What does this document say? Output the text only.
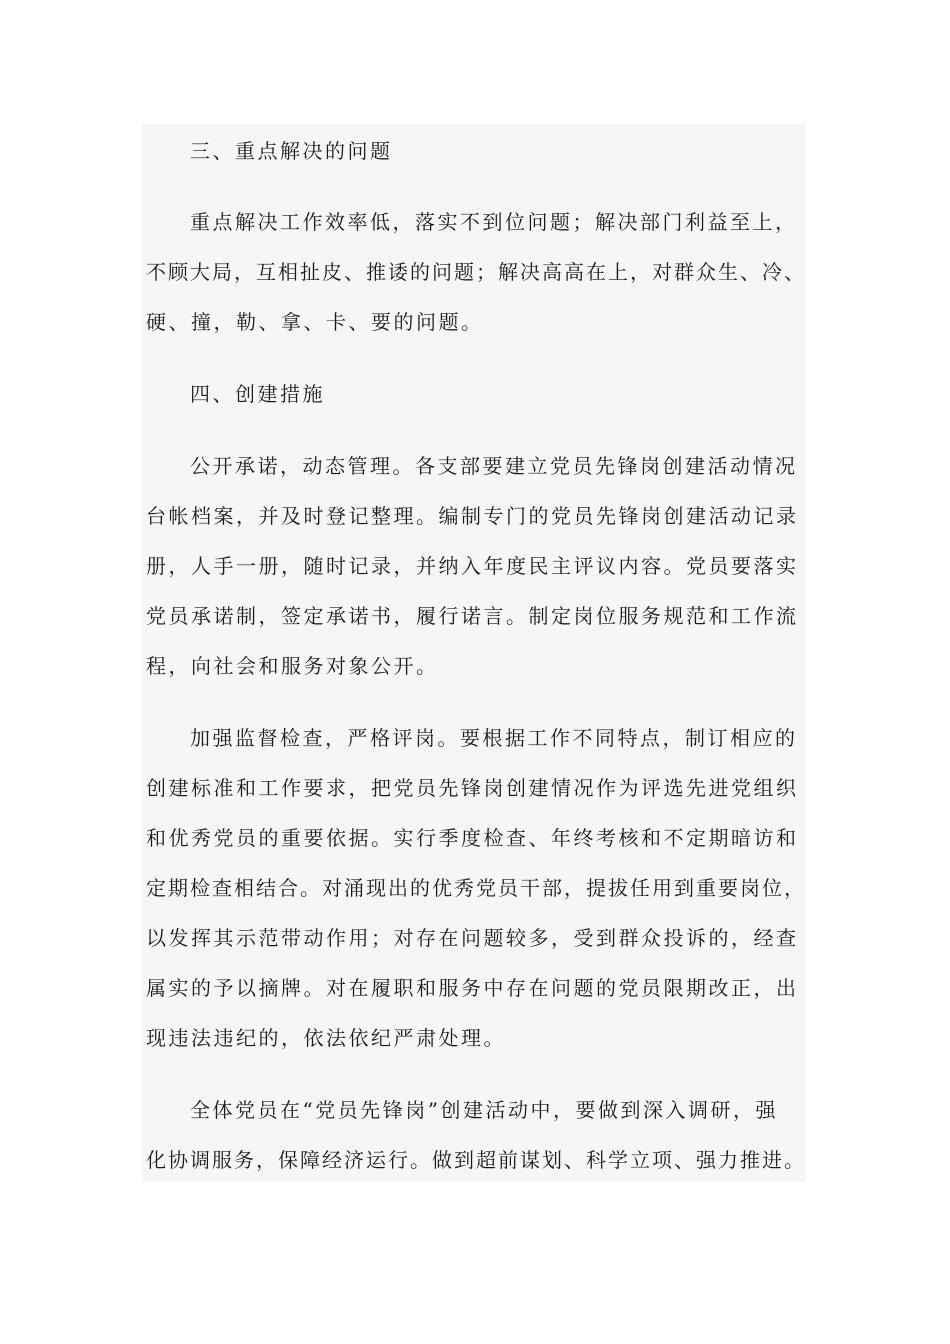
三、重点解决的问题
重点解决工作效率低，落实不到位问题；解决部门利益至上，
不顾大局，互相扯皮、推诿的问题；解决高高在上，对群众生、冷、
硬、撞，勒、拿、卡、要的问题。
四、创建措施
公开承诺，动态管理。各支部要建立党员先锋岗创建活动情况
台帐档案，并及时登记整理。编制专门的党员先锋岗创建活动记录
册，人手一册，随时记录，并纳入年度民主评议内容。党员要落实
党员承诺制，签定承诺书，履行诺言。制定岗位服务规范和工作流
程，向社会和服务对象公开。
加强监督检查，严格评岗。要根据工作不同特点，制订相应的
创建标准和工作要求，把党员先锋岗创建情况作为评选先进党组织
和优秀党员的重要依据。实行季度检查、年终考核和不定期暗访和
定期检查相结合。对涌现出的优秀党员干部，提拔任用到重要岗位，
以发挥其示范带动作用；对存在问题较多，受到群众投诉的，经查
属实的予以摘牌。对在履职和服务中存在问题的党员限期改正，出
现违法违纪的，依法依纪严肃处理。
全体党员在“党员先锋岗”创建活动中，要做到深入调研，强
化协调服务，保障经济运行。做到超前谋划、科学立项、强力推进。
